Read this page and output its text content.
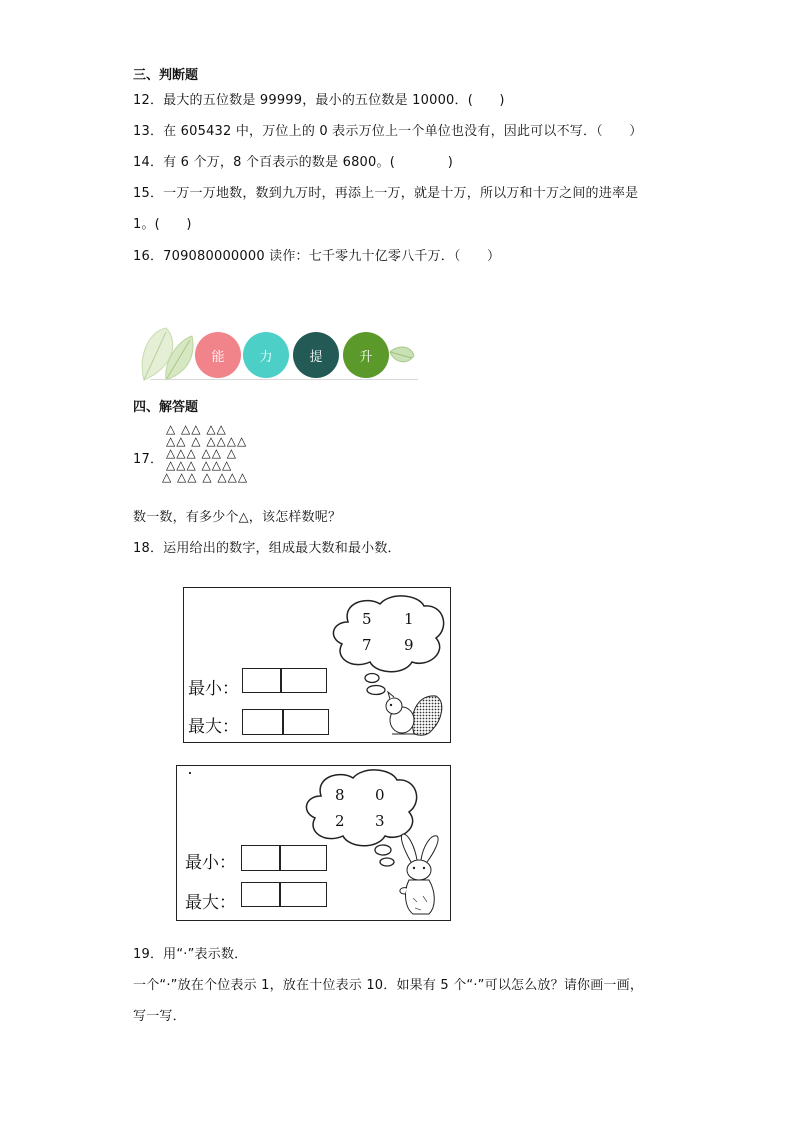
三、判断题
12．最大的五位数是 99999，最小的五位数是 10000．(　　)
13．在 605432 中，万位上的 0 表示万位上一个单位也没有，因此可以不写．（　　）
14．有 6 个万，8 个百表示的数是 6800。(　　　　)
15．一万一万地数，数到九万时，再添上一万，就是十万，所以万和十万之间的进率是
1。(　　)
16．709080000000 读作：七千零九十亿零八千万．（　　）
能	力	提	升
四、解答题
17．
△ △△ △△
△△ △ △△△△
△△△ △△ △
△△△ △△△
△ △△ △ △△△
数一数，有多少个△，该怎样数呢？
18．运用给出的数字，组成最大数和最小数．
5 1
7 9
最小：
最大：
8 0
2 3
最小：
最大：
19．用“·”表示数．
一个“·”放在个位表示 1，放在十位表示 10．如果有 5 个“·”可以怎么放？请你画一画，
写一写．
